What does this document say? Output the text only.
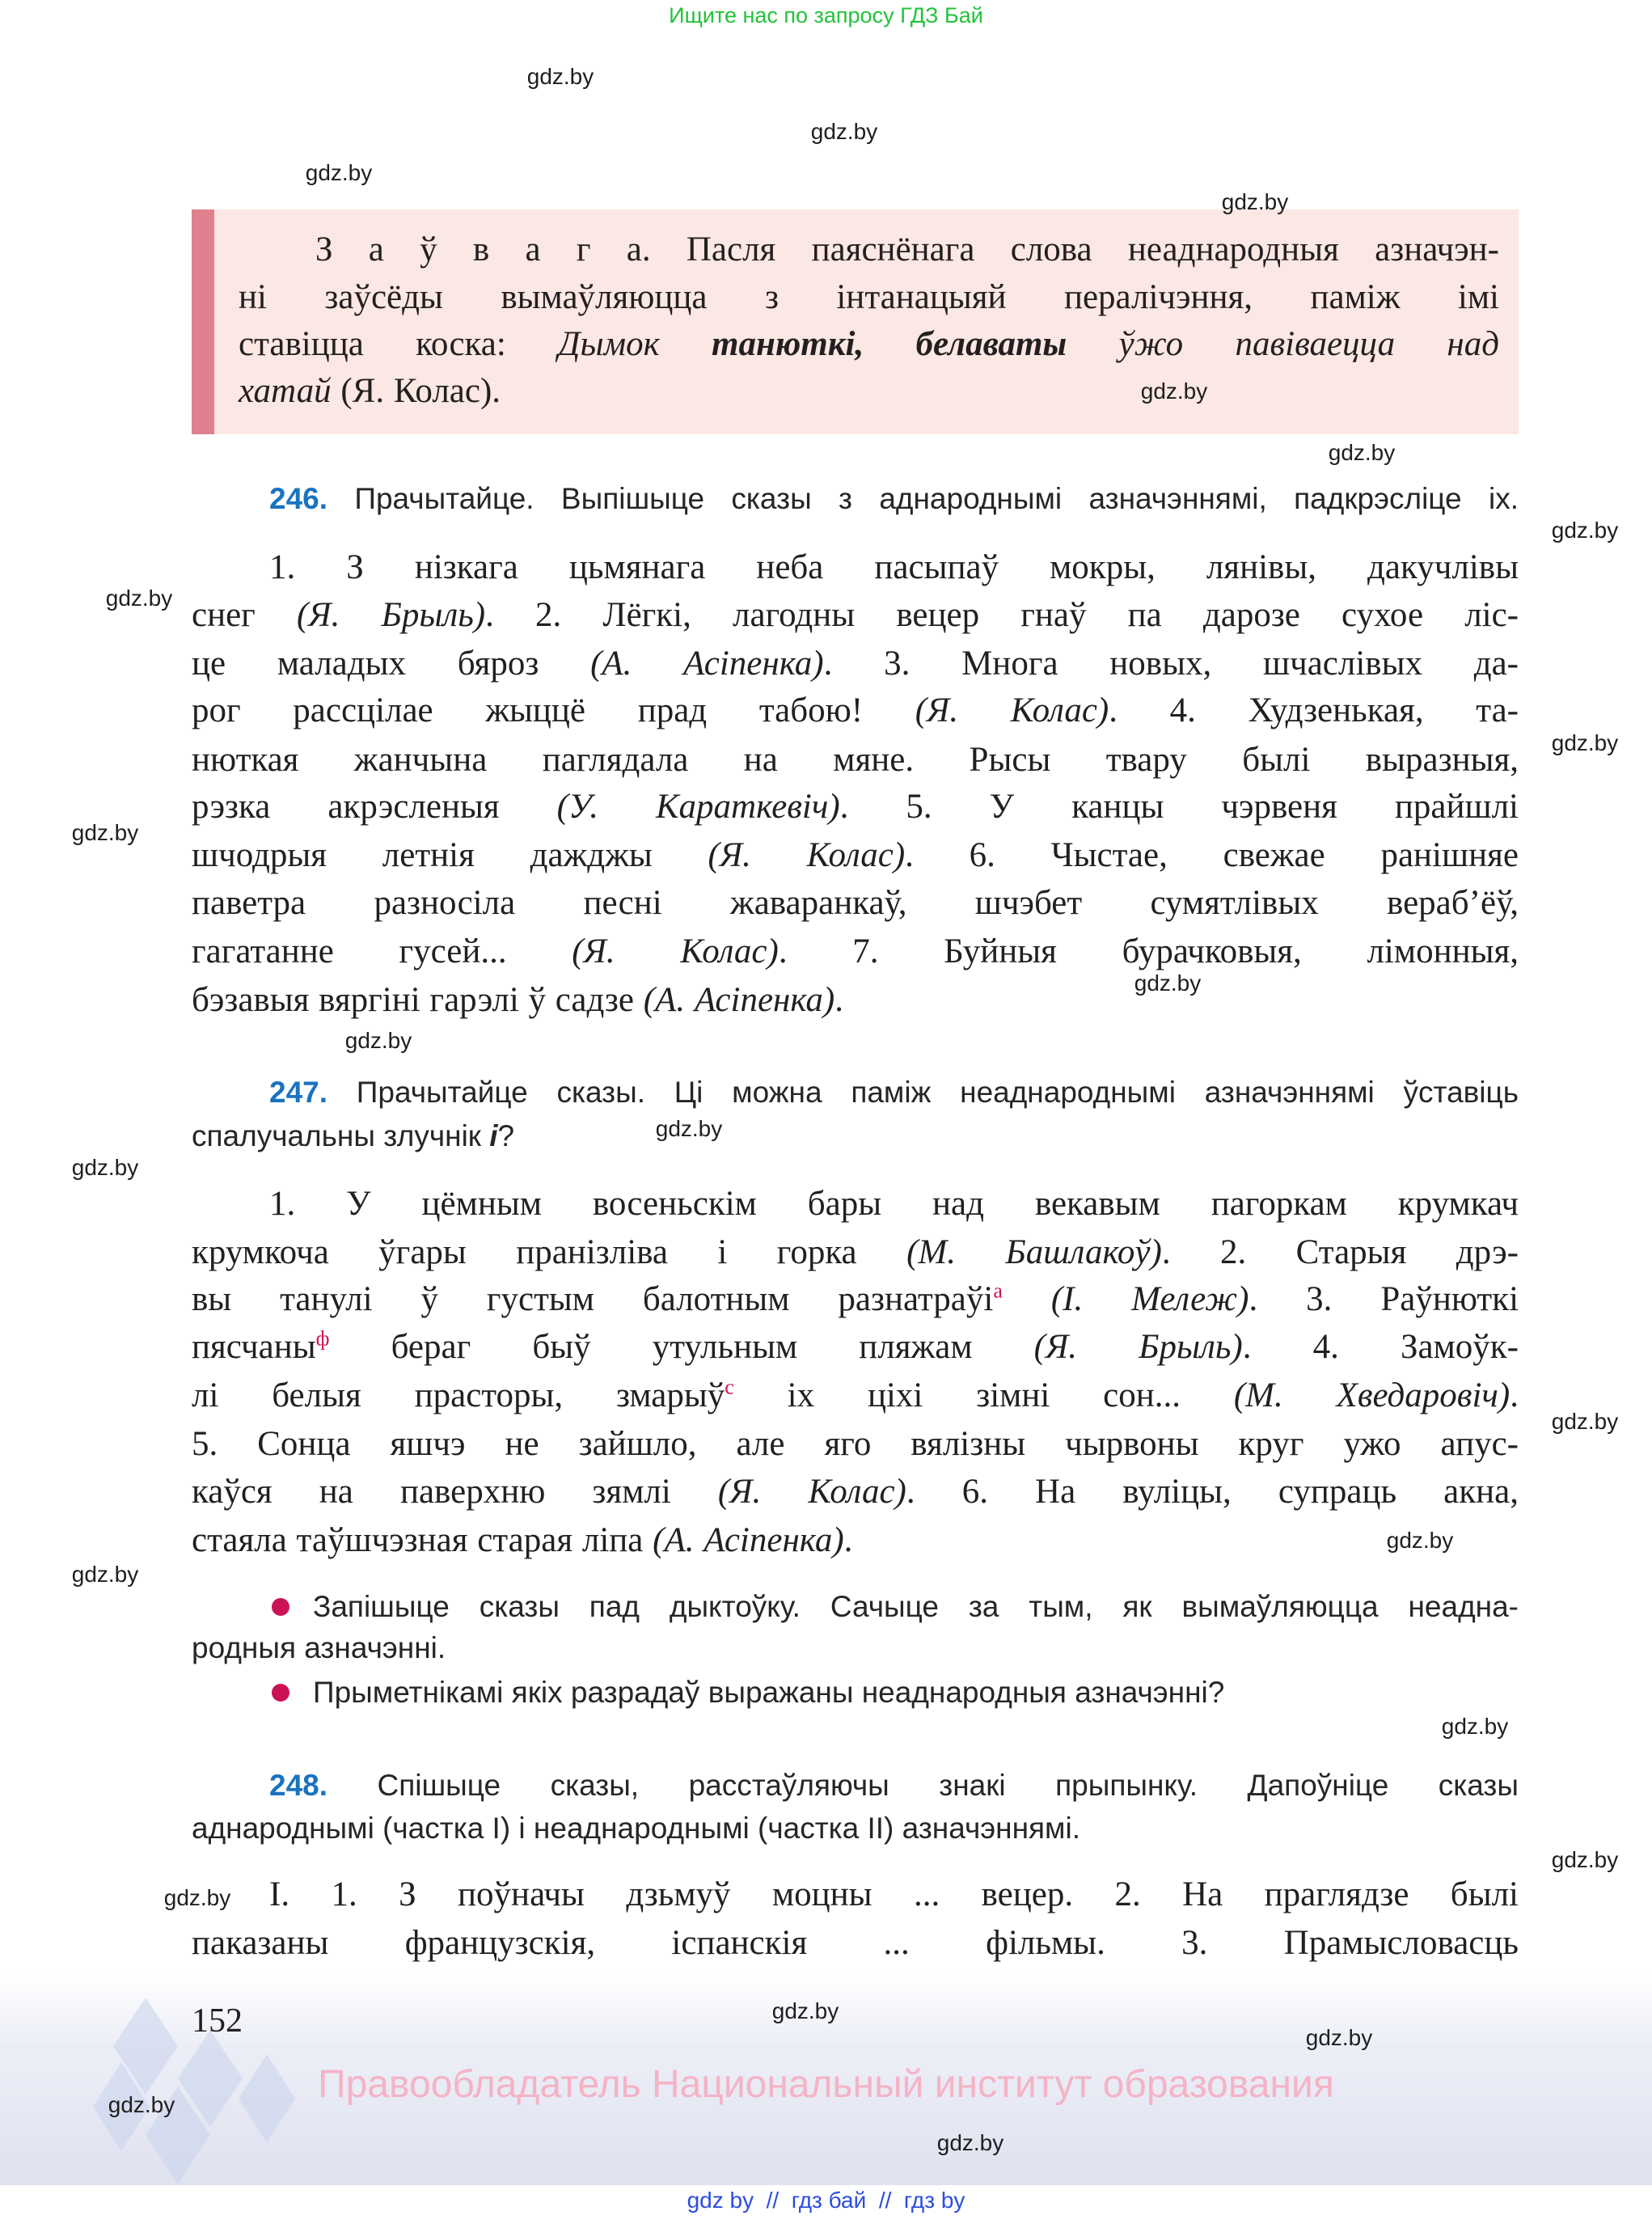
Ищите нас по запросу ГДЗ Бай
З а ў в а г а. Пасля паяснёнага слова неаднародныя азначэн-
ні заўсёды вымаўляюцца з інтанацыяй пералічэння, паміж імі
ставіцца коска: Дымок танюткі, белаваты ўжо павіваецца над
хатай (Я. Колас).
246. Прачытайце. Выпішыце сказы з аднароднымі азначэннямі, падкрэсліце іх.
1. З нізкага цьмянага неба пасыпаў мокры, лянівы, дакучлівы
снег (Я. Брыль). 2. Лёгкі, лагодны вецер гнаў па дарозе сухое ліс-
це маладых бяроз (А. Асіпенка). 3. Многа новых, шчаслівых да-
рог рассцілае жыццё прад табою! (Я. Колас). 4. Худзенькая, та-
нюткая жанчына паглядала на мяне. Рысы твару былі выразныя,
рэзка акрэсленыя (У. Караткевіч). 5. У канцы чэрвеня прайшлі
шчодрыя летнія дажджы (Я. Колас). 6. Чыстае, свежае ранішняе
паветра разносіла песні жаваранкаў, шчэбет сумятлівых вераб’ёў,
гагатанне гусей... (Я. Колас). 7. Буйныя бурачковыя, лімонныя,
бэзавыя вяргіні гарэлі ў садзе (А. Асіпенка).
247. Прачытайце сказы. Ці можна паміж неаднароднымі азначэннямі ўставіць
спалучальны злучнік і?
1. У цёмным восеньскім бары над векавым пагоркам крумкач
крумкоча ўгары пранізліва і горка (М. Башлакоў). 2. Старыя дрэ-
вы танулі ў густым балотным разнатраўі$^а$ (І. Мележ). 3. Раўнюткі
пясчаны$^ф$ бераг быў утульным пляжам (Я. Брыль). 4. Замоўк-
лі белыя прасторы, змарыў$^с$ іх ціхі зімні сон... (М. Хведаровіч).
5. Сонца яшчэ не зайшло, але яго вялізны чырвоны круг ужо апус-
каўся на паверхню зямлі (Я. Колас). 6. На вуліцы, супраць акна,
стаяла таўшчэзная старая ліпа (А. Асіпенка).
Запішыце сказы пад дыктоўку. Сачыце за тым, як вымаўляюцца неадна-
родныя азначэнні.
Прыметнікамі якіх разрадаў выражаны неаднародныя азначэнні?
248. Спішыце сказы, расстаўляючы знакі прыпынку. Дапоўніце сказы
аднароднымі (частка I) і неаднароднымі (частка II) азначэннямі.
I. 1. З поўначы дзьмуў моцны ... вецер. 2. На праглядзе былі
паказаны французскія, іспанскія ... фільмы. 3. Прамысловасць
152
Правообладатель Национальный институт образования
gdz by  //  гдз бай  //  гдз by
gdz.by
gdz.by
gdz.by
gdz.by
gdz.by
gdz.by
gdz.by
gdz.by
gdz.by
gdz.by
gdz.by
gdz.by
gdz.by
gdz.by
gdz.by
gdz.by
gdz.by
gdz.by
gdz.by
gdz.by
gdz.by
gdz.by
gdz.by
gdz.by
